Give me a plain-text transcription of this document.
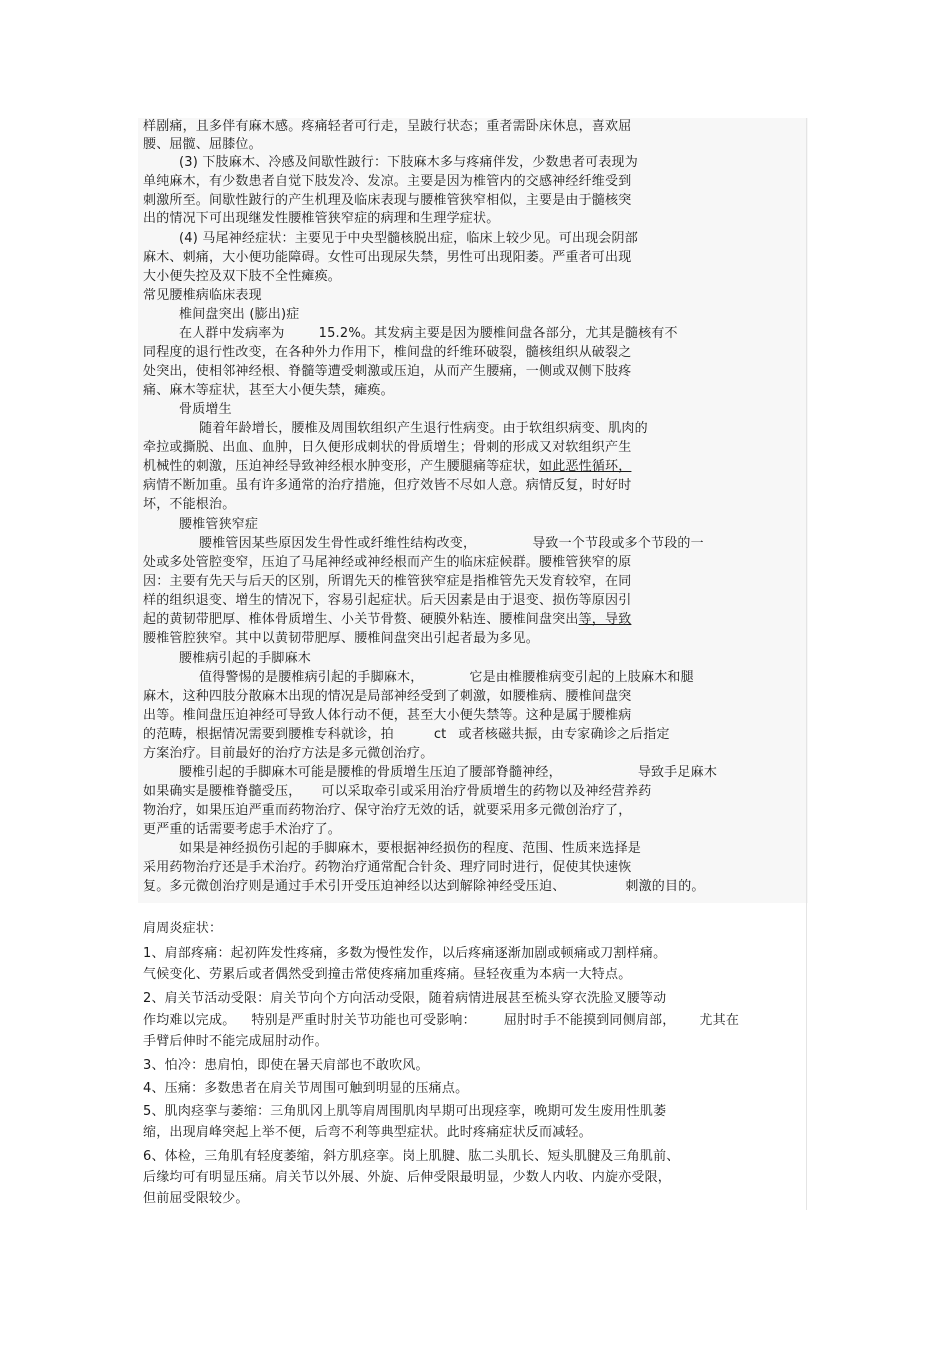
样剧痛，且多伴有麻木感。疼痛轻者可行走，呈跛行状态；重者需卧床休息，喜欢屈
腰、屈髋、屈膝位。
(3) 下肢麻木、冷感及间歇性跛行：下肢麻木多与疼痛伴发，少数患者可表现为
单纯麻木，有少数患者自觉下肢发冷、发凉。主要是因为椎管内的交感神经纤维受到
刺激所至。间歇性跛行的产生机理及临床表现与腰椎管狭窄相似，主要是由于髓核突
出的情况下可出现继发性腰椎管狭窄症的病理和生理学症状。
(4) 马尾神经症状：主要见于中央型髓核脱出症，临床上较少见。可出现会阴部
麻木、刺痛，大小便功能障碍。女性可出现尿失禁，男性可出现阳萎。严重者可出现
大小便失控及双下肢不全性瘫痪。
常见腰椎病临床表现
椎间盘突出 (膨出)症
在人群中发病率为	15.2%。其发病主要是因为腰椎间盘各部分，尤其是髓核有不
同程度的退行性改变，在各种外力作用下，椎间盘的纤维环破裂，髓核组织从破裂之
处突出，使相邻神经根、脊髓等遭受刺激或压迫，从而产生腰痛，一侧或双侧下肢疼
痛、麻木等症状，甚至大小便失禁，瘫痪。
骨质增生
随着年龄增长，腰椎及周围软组织产生退行性病变。由于软组织病变、肌肉的
牵拉或撕脱、出血、血肿，日久便形成刺状的骨质增生；骨刺的形成又对软组织产生
机械性的刺激，压迫神经导致神经根水肿变形，产生腰腿痛等症状，如此恶性循环，
病情不断加重。虽有许多通常的治疗措施，但疗效皆不尽如人意。病情反复，时好时
坏，不能根治。
腰椎管狭窄症
腰椎管因某些原因发生骨性或纤维性结构改变，	导致一个节段或多个节段的一
处或多处管腔变窄，压迫了马尾神经或神经根而产生的临床症候群。腰椎管狭窄的原
因：主要有先天与后天的区别，所谓先天的椎管狭窄症是指椎管先天发育较窄，在同
样的组织退变、增生的情况下，容易引起症状。后天因素是由于退变、损伤等原因引
起的黄韧带肥厚、椎体骨质增生、小关节骨赘、硬膜外粘连、腰椎间盘突出等，导致
腰椎管腔狭窄。其中以黄韧带肥厚、腰椎间盘突出引起者最为多见。
腰椎病引起的手脚麻木
值得警惕的是腰椎病引起的手脚麻木，	它是由椎腰椎病变引起的上肢麻木和腿
麻木，这种四肢分散麻木出现的情况是局部神经受到了刺激，如腰椎病、腰椎间盘突
出等。椎间盘压迫神经可导致人体行动不便，甚至大小便失禁等。这种是属于腰椎病
的范畴，根据情况需要到腰椎专科就诊，拍	ct 或者核磁共振，由专家确诊之后指定
方案治疗。目前最好的治疗方法是多元微创治疗。
腰椎引起的手脚麻木可能是腰椎的骨质增生压迫了腰部脊髓神经，	导致手足麻木
如果确实是腰椎脊髓受压， 可以采取牵引或采用治疗骨质增生的药物以及神经营养药
物治疗，如果压迫严重而药物治疗、保守治疗无效的话，就要采用多元微创治疗了，
更严重的话需要考虑手术治疗了。
如果是神经损伤引起的手脚麻木，要根据神经损伤的程度、范围、性质来选择是
采用药物治疗还是手术治疗。药物治疗通常配合针灸、理疗同时进行，促使其快速恢
复。多元微创治疗则是通过手术引开受压迫神经以达到解除神经受压迫、	刺激的目的。
肩周炎症状：
1、肩部疼痛：起初阵发性疼痛，多数为慢性发作，以后疼痛逐渐加剧或顿痛或刀割样痛。
气候变化、劳累后或者偶然受到撞击常使疼痛加重疼痛。昼轻夜重为本病一大特点。
2、肩关节活动受限：肩关节向个方向活动受限，随着病情进展甚至梳头穿衣洗脸叉腰等动
作均难以完成。 特别是严重时肘关节功能也可受影响： 屈肘时手不能摸到同侧肩部， 尤其在
手臂后伸时不能完成屈肘动作。
3、怕冷：患肩怕，即使在暑天肩部也不敢吹风。
4、压痛：多数患者在肩关节周围可触到明显的压痛点。
5、肌肉痉挛与萎缩：三角肌冈上肌等肩周围肌肉早期可出现痉挛，晚期可发生废用性肌萎
缩，出现肩峰突起上举不便，后弯不利等典型症状。此时疼痛症状反而减轻。
6、体检，三角肌有轻度萎缩，斜方肌痉挛。岗上肌腱、肱二头肌长、短头肌腱及三角肌前、
后缘均可有明显压痛。肩关节以外展、外旋、后伸受限最明显，少数人内收、内旋亦受限，
但前屈受限较少。
